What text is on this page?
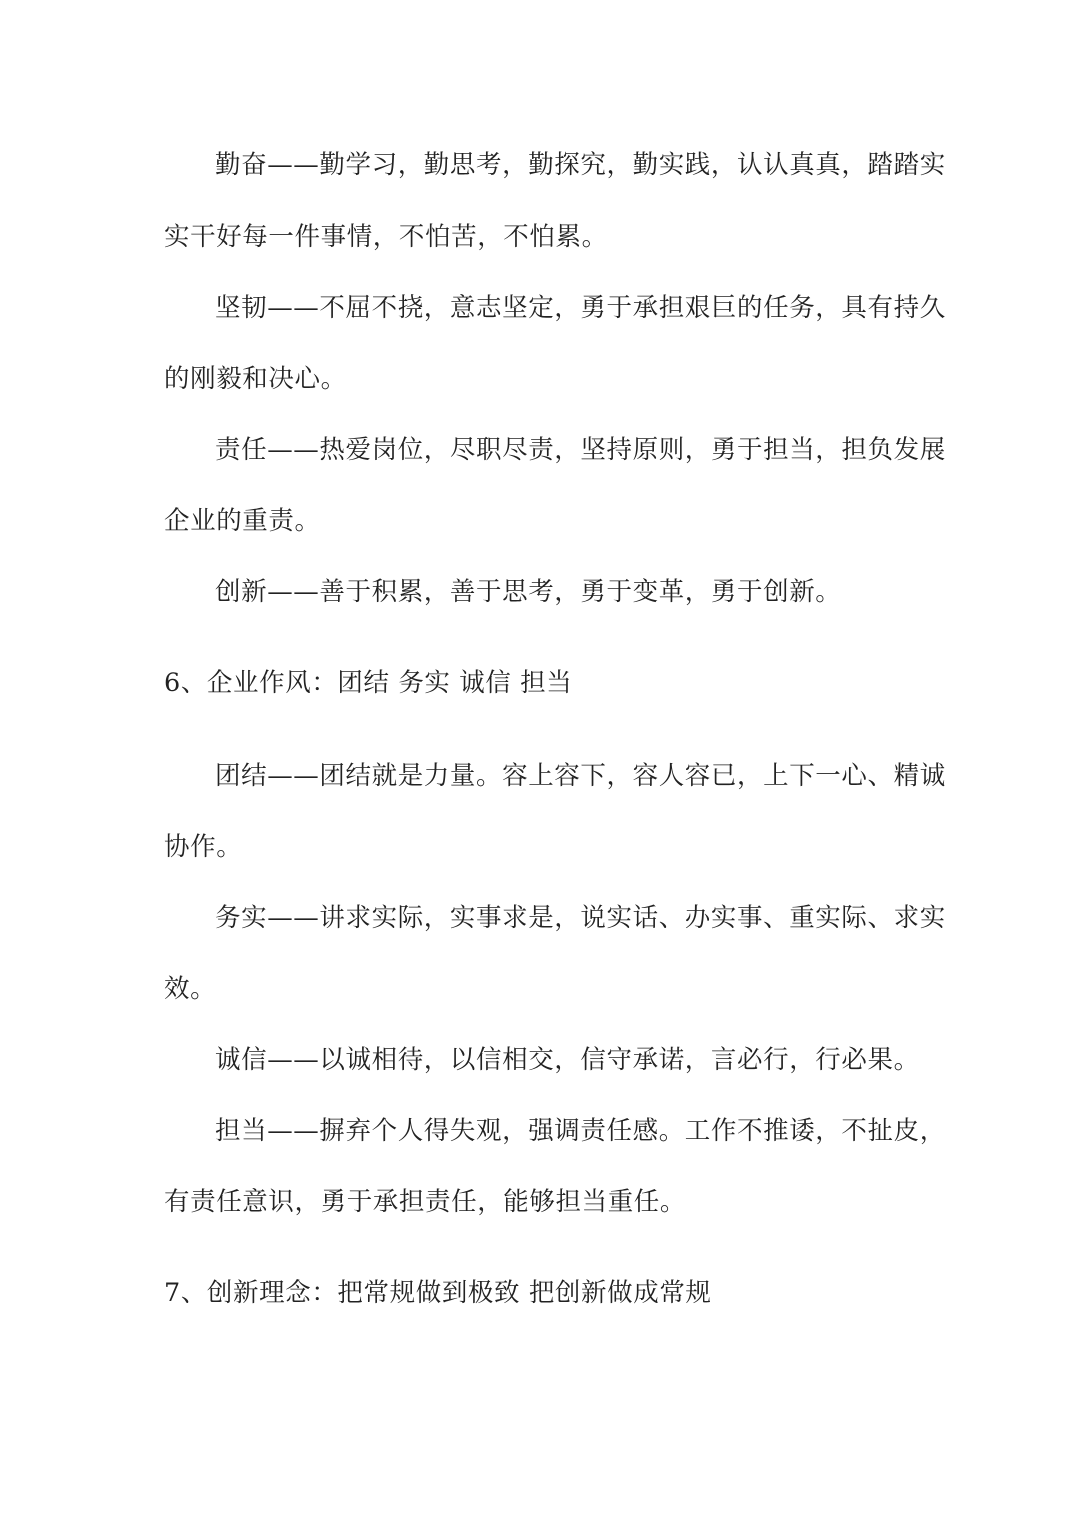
勤奋——勤学习，勤思考，勤探究，勤实践，认认真真，踏踏实
实干好每一件事情，不怕苦，不怕累。
坚韧——不屈不挠，意志坚定，勇于承担艰巨的任务，具有持久
的刚毅和决心。
责任——热爱岗位，尽职尽责，坚持原则，勇于担当，担负发展
企业的重责。
创新——善于积累，善于思考，勇于变革，勇于创新。
6、企业作风：团结 务实 诚信 担当
团结——团结就是力量。容上容下，容人容已，上下一心、精诚
协作。
务实——讲求实际，实事求是，说实话、办实事、重实际、求实
效。
诚信——以诚相待，以信相交，信守承诺，言必行，行必果。
担当——摒弃个人得失观，强调责任感。工作不推诿，不扯皮，
有责任意识，勇于承担责任，能够担当重任。
7、创新理念：把常规做到极致 把创新做成常规
